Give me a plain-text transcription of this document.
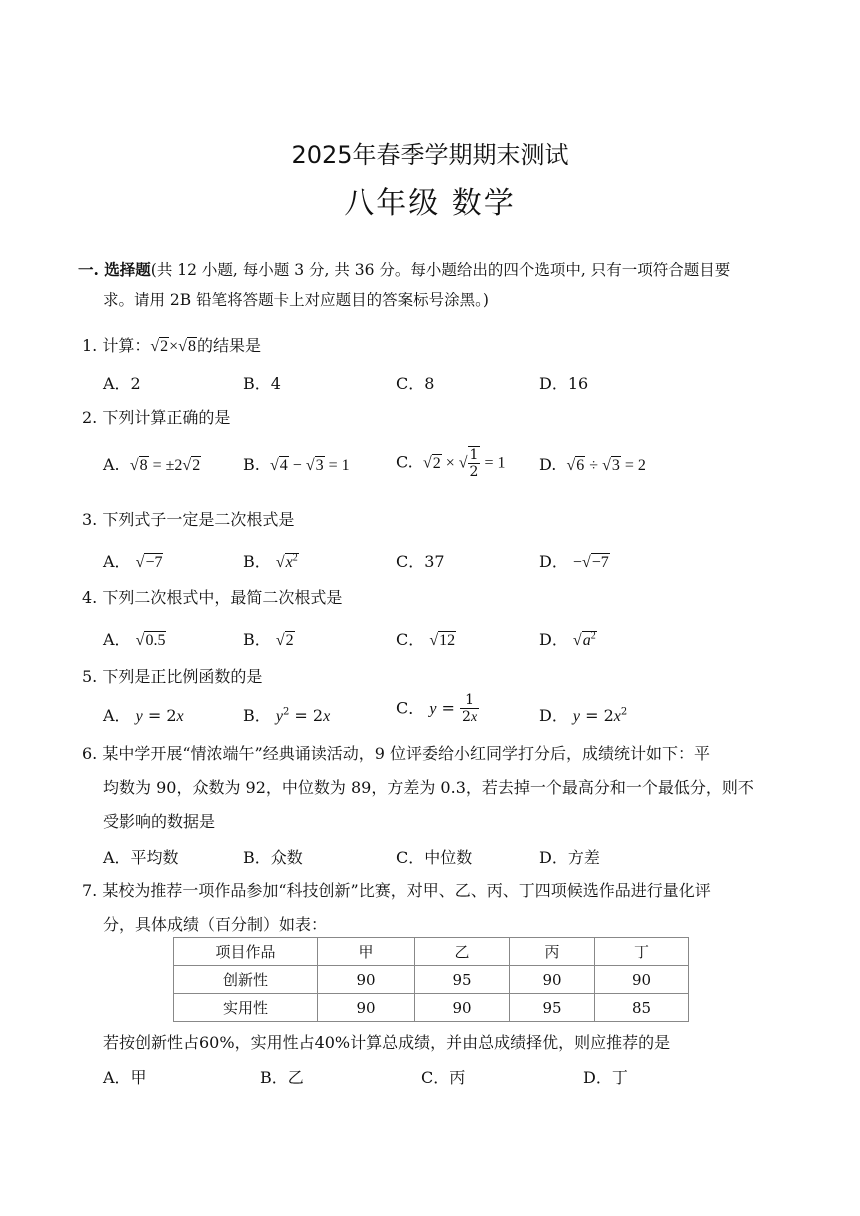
2025年春季学期期末测试
八年级 数学
一. 选择题(共 12 小题, 每小题 3 分, 共 36 分。每小题给出的四个选项中, 只有一项符合题目要
求。请用 2B 铅笔将答题卡上对应题目的答案标号涂黑。)
1. 计算：√2×√8的结果是
A．2	B．4	C．8	D．16
2. 下列计算正确的是
A.  √8 = ±2√2	B.  √4 − √3 = 1	C.  √2 × √ $\frac{1}{2} = 1$ D.  √6 ÷ √3 = 2
3. 下列式子一定是二次根式是
A． √−7	B． $√x^2$	C．37	D． −√−7
4. 下列二次根式中，最简二次根式是
A． √0.5	B． √2	C． √12	D． $√a^2$
5. 下列是正比例函数的是
A． y = 2x	B． $y^2 = 2x$	C． $y = \frac{1}{2x}$	D． $y = 2x^2$
6. 某中学开展“情浓端午”经典诵读活动，9 位评委给小红同学打分后，成绩统计如下：平
均数为 90，众数为 92，中位数为 89，方差为 0.3，若去掉一个最高分和一个最低分，则不
受影响的数据是
A．平均数	B．众数	C．中位数	D．方差
7. 某校为推荐一项作品参加“科技创新”比赛，对甲、乙、丙、丁四项候选作品进行量化评
分，具体成绩（百分制）如表：
项目作品	甲	乙	丙	丁
创新性	90	95	90	90
实用性	90	90	95	85
若按创新性占60%，实用性占40%计算总成绩，并由总成绩择优，则应推荐的是
A．甲	B．乙	C．丙	D．丁
